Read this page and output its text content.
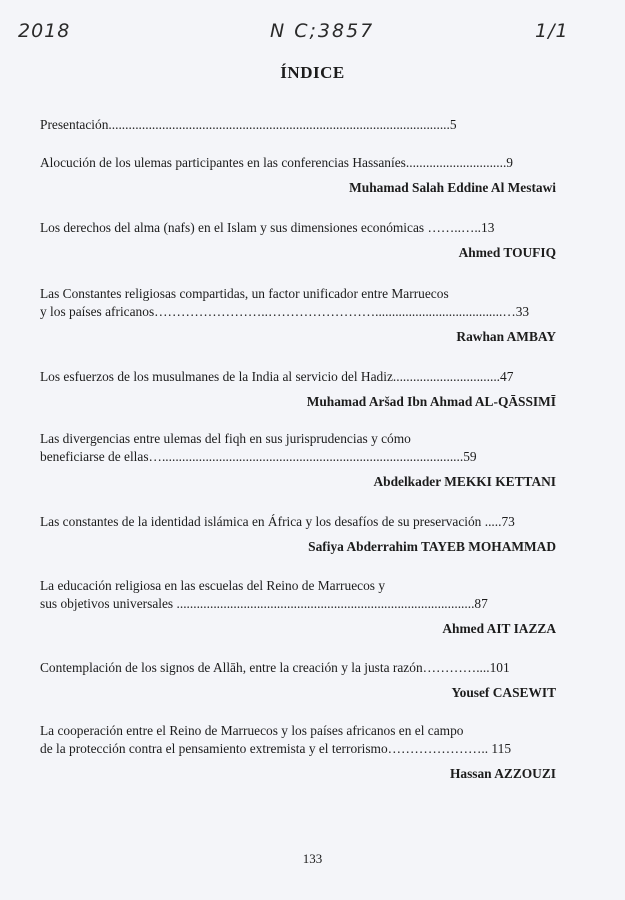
2018	N C;3857	1/1
ÍNDICE
Presentación......................................................................................................5
Alocución de los ulemas participantes en las conferencias Hassaníes..............................9
Muhamad Salah Eddine Al Mestawi
Los derechos del alma (nafs) en el Islam y sus dimensiones económicas ……..…..13
Ahmed TOUFIQ
Las Constantes religiosas compartidas, un factor unificador entre Marruecos
y los países africanos……………………..……………………......................................…33
Rawhan AMBAY
Los esfuerzos de los musulmanes de la India al servicio del Hadiz................................47
Muhamad Aršad Ibn Ahmad AL-QĀSSIMĪ
Las divergencias entre ulemas del fiqh en sus jurisprudencias y cómo
beneficiarse de ellas…..........................................................................................59
Abdelkader MEKKI KETTANI
Las constantes de la identidad islámica en África y los desafíos de su preservación .....73
Safiya Abderrahim TAYEB MOHAMMAD
La educación religiosa en las escuelas del Reino de Marruecos y
sus objetivos universales .........................................................................................87
Ahmed AIT IAZZA
Contemplación de los signos de Allāh, entre la creación y la justa razón…………....101
Yousef CASEWIT
La cooperación entre el Reino de Marruecos y los países africanos en el campo
de la protección contra el pensamiento extremista y el terrorismo………………….. 115
Hassan AZZOUZI
133
